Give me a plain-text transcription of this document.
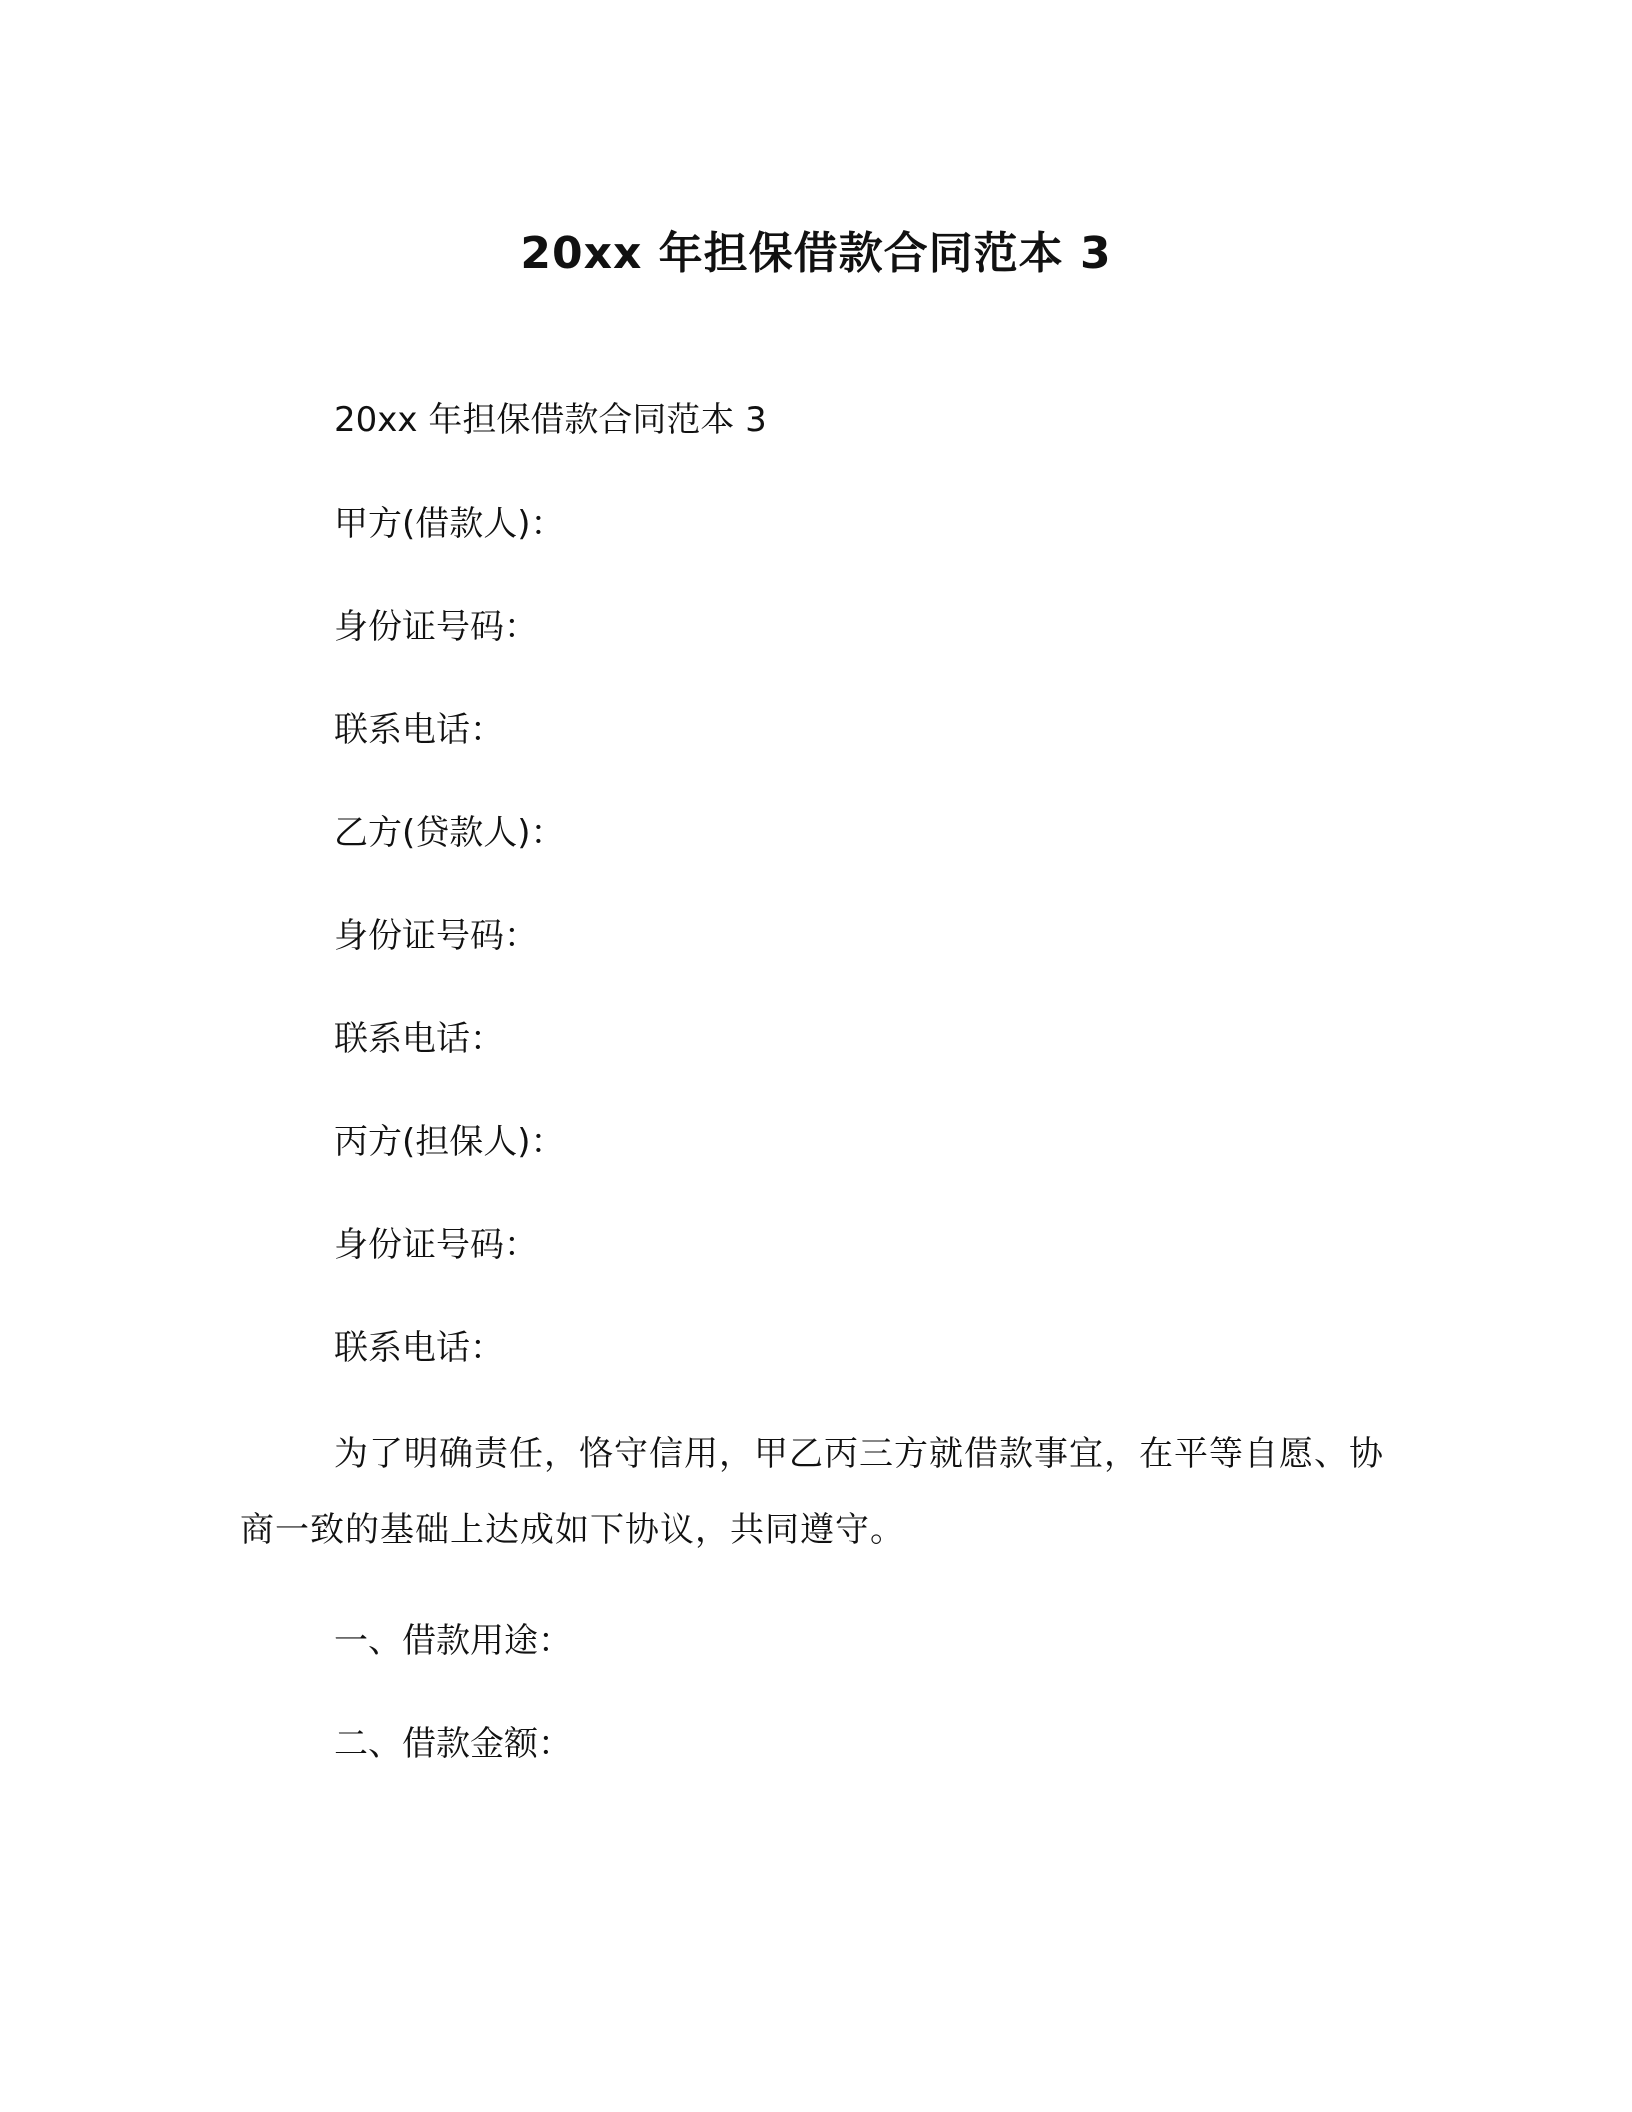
20xx 年担保借款合同范本 3
20xx 年担保借款合同范本 3
甲方(借款人)：
身份证号码：
联系电话：
乙方(贷款人)：
身份证号码：
联系电话：
丙方(担保人)：
身份证号码：
联系电话：
为了明确责任，恪守信用，甲乙丙三方就借款事宜，在平等自愿、协商一致的基础上达成如下协议，共同遵守。
一、借款用途：
二、借款金额：
